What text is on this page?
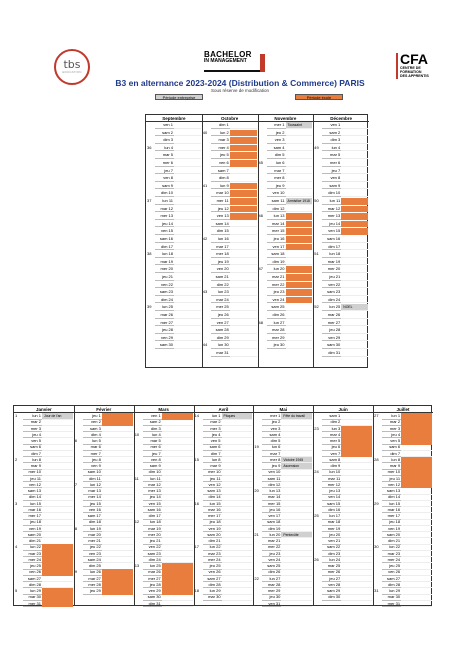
tbs
EDUCATION
BACHELOR
IN MANAGEMENT	CFA
CENTRE DE
FORMATION
DES APPRENTIS
B3 en alternance 2023-2024 (Distribution & Commerce) PARIS
Sous réserve de modification
Période entreprise	Période école
Septembre
ven 1
sam 2
dim 3
36	lun 4
mar 5
mer 6
jeu 7
ven 8
sam 9
dim 10
37	lun 11
mar 12
mer 13
jeu 14
ven 15
sam 16
dim 17
38	lun 18
mar 19
mer 20
jeu 21
ven 22
sam 23
dim 24
39	lun 25
mar 26
mer 27
jeu 28
ven 29
sam 30
Octobre
dim 1
40	lun 2
mar 3
mer 4
jeu 5
ven 6
sam 7
dim 8
41	lun 9
mar 10
mer 11
jeu 12
ven 13
sam 14
dim 15
42	lun 16
mar 17
mer 18
jeu 19
ven 20
sam 21
dim 22
43	lun 23
mar 24
mer 25
jeu 26
ven 27
sam 28
dim 29
44	lun 30
mar 31
Novembre
mer 1 Toussaint
jeu 2
ven 3
sam 4
dim 5
45	lun 6
mar 7
mer 8
jeu 9
ven 10
sam 11 Armistice 1918
dim 12
46	lun 13
mar 14
mer 15
jeu 16
ven 17
sam 18
dim 19
47	lun 20
mar 21
mer 22
jeu 23
ven 24
sam 25
dim 26
48	lun 27
mar 28
mer 29
jeu 30
Décembre
ven 1
sam 2
dim 3
49	lun 4
mar 5
mer 6
jeu 7
ven 8
sam 9
dim 10
50	lun 11
mar 12
mer 13
jeu 14
ven 15
sam 16
dim 17
51	lun 18
mar 19
mer 20
jeu 21
ven 22
sam 23
dim 24
52	lun 25 NOEL
mar 26
mer 27
jeu 28
ven 29
sam 30
dim 31
Janvier
1	lun 1 Jour de l'an
mar 2
mer 3
jeu 4
ven 5
sam 6
dim 7
2	lun 8
mar 9
mer 10
jeu 11
ven 12
sam 13
dim 14
3	lun 15
mar 16
mer 17
jeu 18
ven 19
sam 20
dim 21
4	lun 22
mar 23
mer 24
jeu 25
ven 26
sam 27
dim 28
5	lun 29
mar 30
mer 31
Février
jeu 1
ven 2
sam 3
dim 4
6	lun 5
mar 6
mer 7
jeu 8
ven 9
sam 10
dim 11
7	lun 12
mar 13
mer 14
jeu 15
ven 16
sam 17
dim 18
8	lun 19
mar 20
mer 21
jeu 22
ven 23
sam 24
dim 25
9	lun 26
mar 27
mer 28
jeu 29
Mars
ven 1
sam 2
dim 3
10	lun 4
mar 5
mer 6
jeu 7
ven 8
sam 9
dim 10
11	lun 11
mar 12
mer 13
jeu 14
ven 15
sam 16
dim 17
12	lun 18
mar 19
mer 20
jeu 21
ven 22
sam 23
dim 24
13	lun 25
mar 26
mer 27
jeu 28
ven 29
sam 30
dim 31
Avril
14	lun 1 Pâques
mar 2
mer 3
jeu 4
ven 5
sam 6
dim 7
15	lun 8
mar 9
mer 10
jeu 11
ven 12
sam 13
dim 14
16	lun 15
mar 16
mer 17
jeu 18
ven 19
sam 20
dim 21
17	lun 22
mar 23
mer 24
jeu 25
ven 26
sam 27
dim 28
18	lun 29
mar 30
Mai
mer 1 Fête du travail
jeu 2
ven 3
sam 4
dim 5
19	lun 6
mar 7
mer 8 Victoire 1945
jeu 9 Ascension
ven 10
sam 11
dim 12
20	lun 13
mar 14
mer 15
jeu 16
ven 17
sam 18
dim 19
21	lun 20 Pentecôte
mar 21
mer 22
jeu 23
ven 24
sam 25
dim 26
22	lun 27
mar 28
mer 29
jeu 30
ven 31
Juin
sam 1
dim 2
23	lun 3
mar 4
mer 5
jeu 6
ven 7
sam 8
dim 9
24	lun 10
mar 11
mer 12
jeu 13
ven 14
sam 15
dim 16
25	lun 17
mar 18
mer 19
jeu 20
ven 21
sam 22
dim 23
26	lun 24
mar 25
mer 26
jeu 27
ven 28
sam 29
dim 30
Juillet
27	lun 1
mar 2
mer 3
jeu 4
ven 5
sam 6
dim 7
28	lun 8
mar 9
mer 10
jeu 11
ven 12
sam 13
dim 14
29	lun 15
mar 16
mer 17
jeu 18
ven 19
sam 20
dim 21
30	lun 22
mar 23
mer 24
jeu 25
ven 26
sam 27
dim 28
31	lun 29
mar 30
mer 31
